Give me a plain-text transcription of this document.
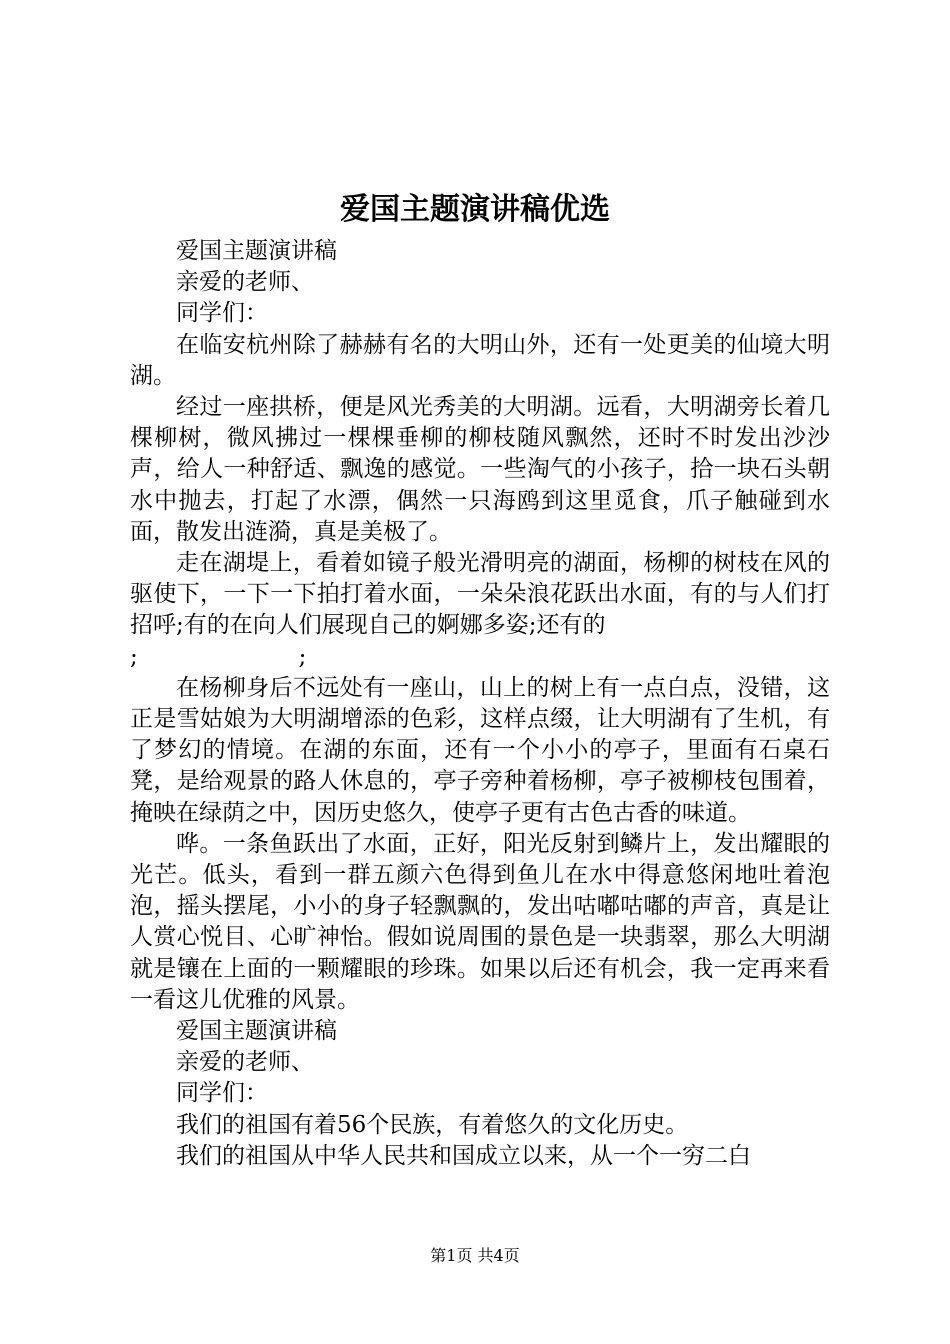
爱国主题演讲稿优选

爱国主题演讲稿

亲爱的老师、

同学们：

在临安杭州除了赫赫有名的大明山外，还有一处更美的仙境大明湖。

经过一座拱桥，便是风光秀美的大明湖。远看，大明湖旁长着几棵柳树，微风拂过一棵棵垂柳的柳枝随风飘然，还时不时发出沙沙声，给人一种舒适、飘逸的感觉。一些淘气的小孩子，拾一块石头朝水中抛去，打起了水漂，偶然一只海鸥到这里觅食，爪子触碰到水面，散发出涟漪，真是美极了。

走在湖堤上，看着如镜子般光滑明亮的湖面，杨柳的树枝在风的驱使下，一下一下拍打着水面，一朵朵浪花跃出水面，有的与人们打招呼;有的在向人们展现自己的婀娜多姿;还有的

;                      ;

在杨柳身后不远处有一座山，山上的树上有一点白点，没错，这正是雪姑娘为大明湖增添的色彩，这样点缀，让大明湖有了生机，有了梦幻的情境。在湖的东面，还有一个小小的亭子，里面有石桌石凳，是给观景的路人休息的，亭子旁种着杨柳，亭子被柳枝包围着，掩映在绿荫之中，因历史悠久，使亭子更有古色古香的味道。

哗。一条鱼跃出了水面，正好，阳光反射到鳞片上，发出耀眼的光芒。低头，看到一群五颜六色得到鱼儿在水中得意悠闲地吐着泡泡，摇头摆尾，小小的身子轻飘飘的，发出咕嘟咕嘟的声音，真是让人赏心悦目、心旷神怡。假如说周围的景色是一块翡翠，那么大明湖就是镶在上面的一颗耀眼的珍珠。如果以后还有机会，我一定再来看一看这儿优雅的风景。

爱国主题演讲稿

亲爱的老师、

同学们：

我们的祖国有着56个民族，有着悠久的文化历史。

我们的祖国从中华人民共和国成立以来，从一个一穷二白

第1页 共4页
